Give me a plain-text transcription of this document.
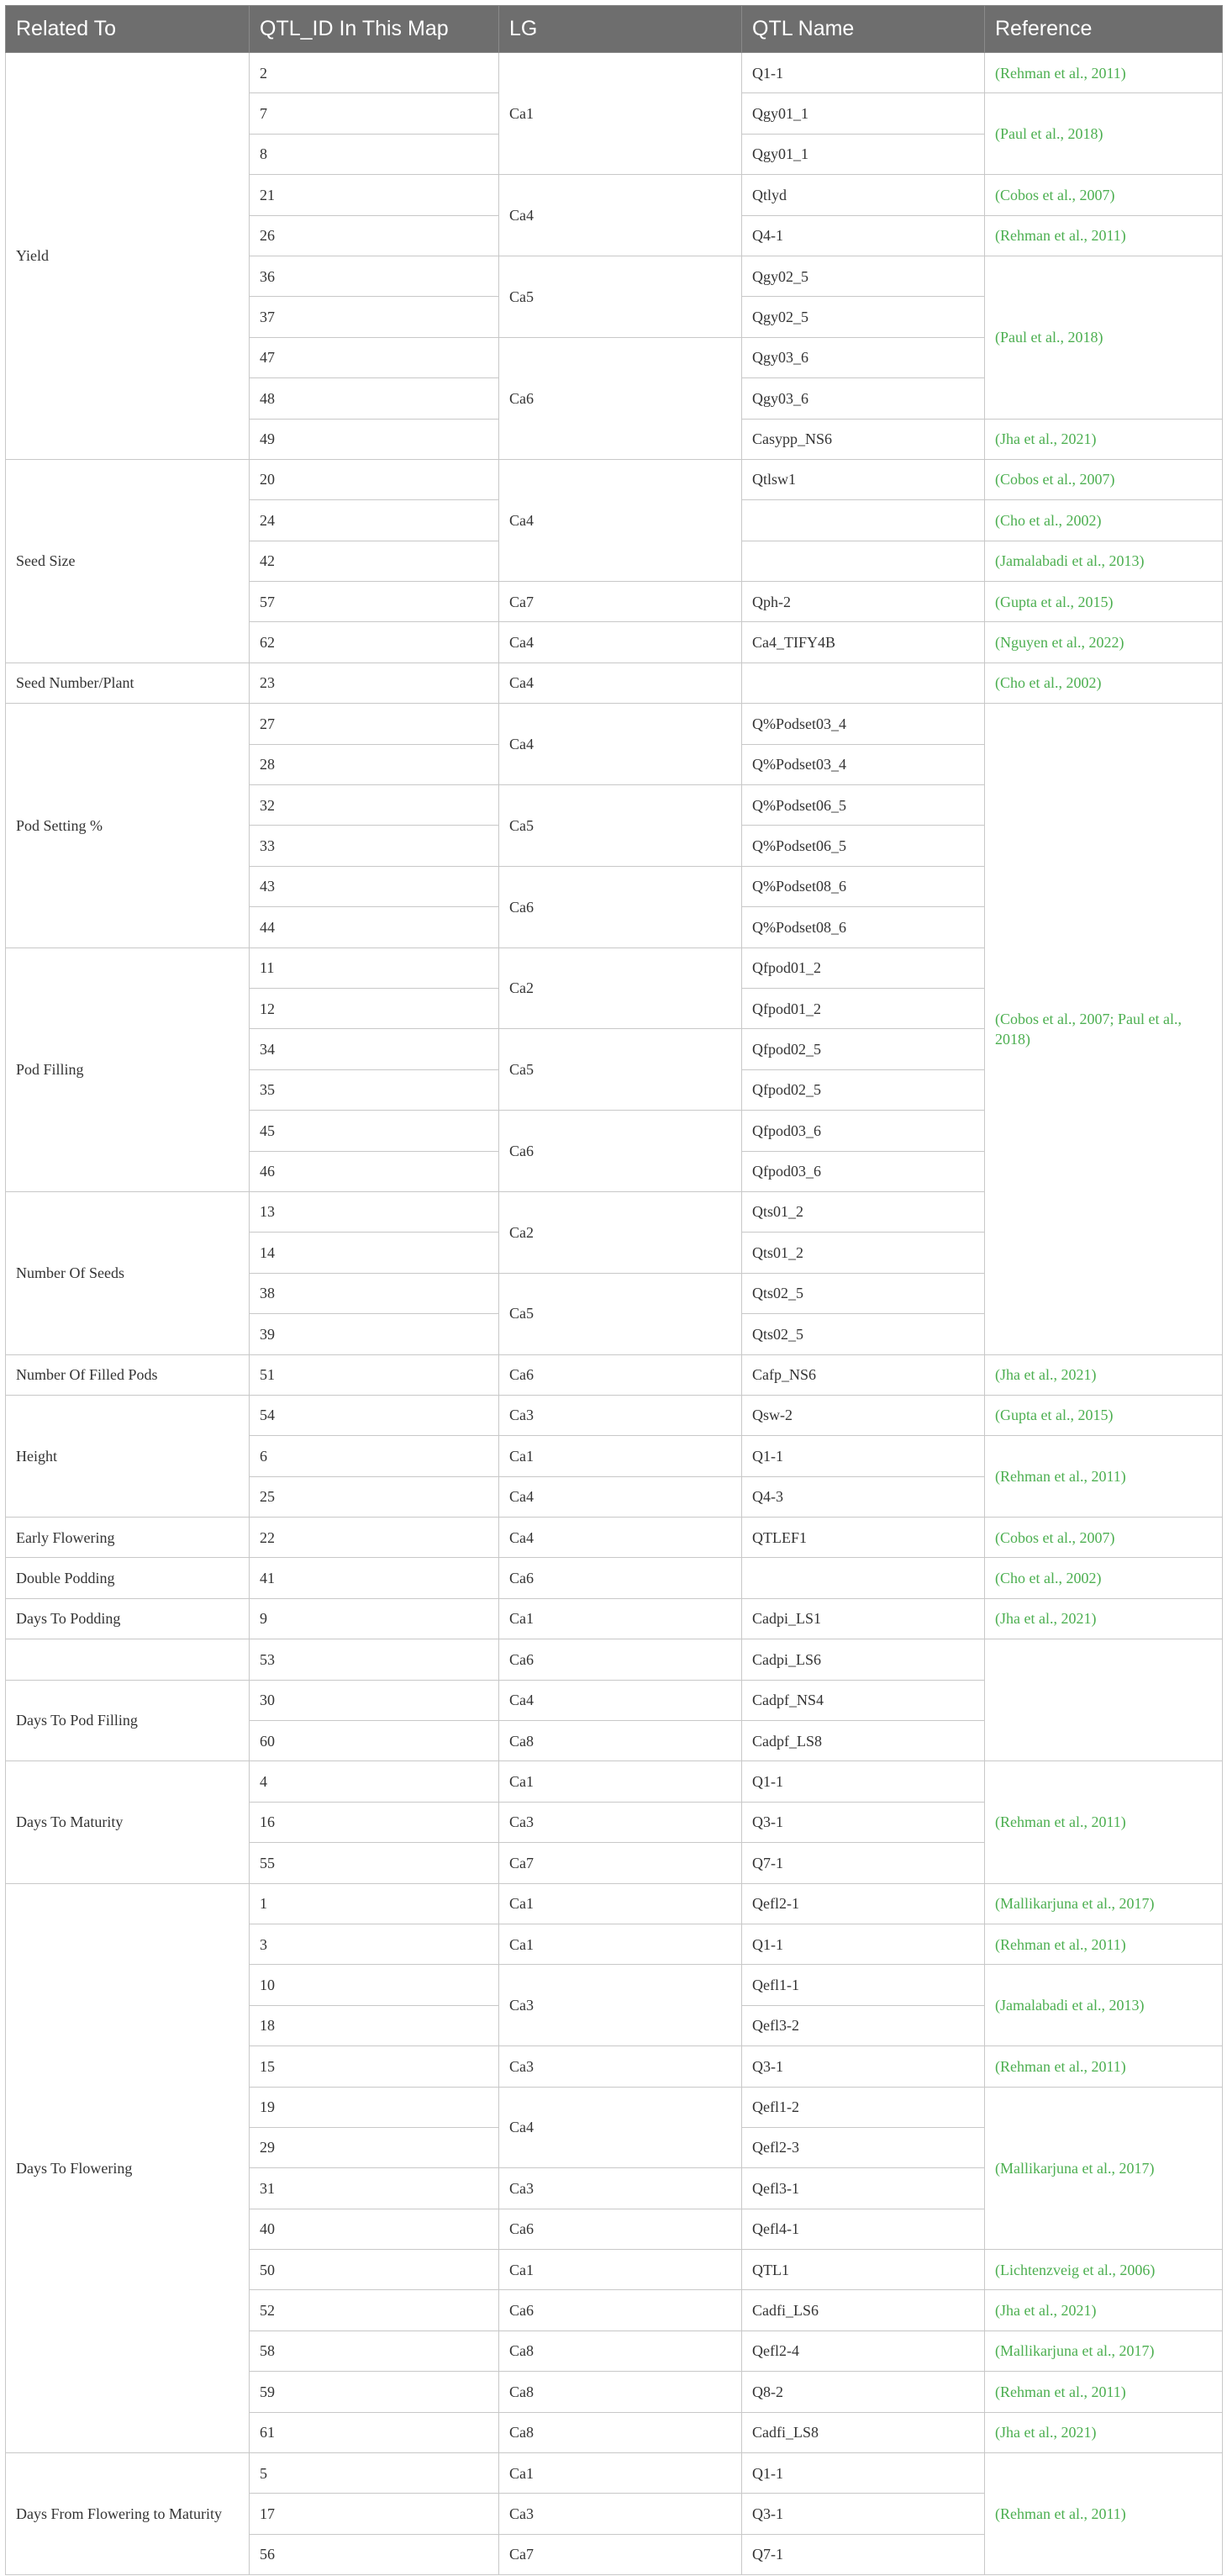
Related To	QTL_ID In This Map	LG	QTL Name	Reference
Yield	2	Ca1	Q1-1	(Rehman et al., 2011)
	7		Qgy01_1	(Paul et al., 2018)
	8		Qgy01_1	
	21	Ca4	Qtlyd	(Cobos et al., 2007)
	26		Q4-1	(Rehman et al., 2011)
	36	Ca5	Qgy02_5	(Paul et al., 2018)
	37		Qgy02_5	
	47	Ca6	Qgy03_6	
	48		Qgy03_6	
	49		Casypp_NS6	(Jha et al., 2021)
Seed Size	20	Ca4	Qtlsw1	(Cobos et al., 2007)
	24			(Cho et al., 2002)
	42			(Jamalabadi et al., 2013)
	57	Ca7	Qph-2	(Gupta et al., 2015)
	62	Ca4	Ca4_TIFY4B	(Nguyen et al., 2022)
Seed Number/Plant	23	Ca4		(Cho et al., 2002)
Pod Setting %	27	Ca4	Q%Podset03_4	(Cobos et al., 2007; Paul et al., 2018)
	28		Q%Podset03_4	
	32	Ca5	Q%Podset06_5	
	33		Q%Podset06_5	
	43	Ca6	Q%Podset08_6	
	44		Q%Podset08_6	
Pod Filling	11	Ca2	Qfpod01_2	
	12		Qfpod01_2	
	34	Ca5	Qfpod02_5	
	35		Qfpod02_5	
	45	Ca6	Qfpod03_6	
	46		Qfpod03_6	
Number Of Seeds	13	Ca2	Qts01_2	
	14		Qts01_2	
	38	Ca5	Qts02_5	
	39		Qts02_5	
Number Of Filled Pods	51	Ca6	Cafp_NS6	(Jha et al., 2021)
Height	54	Ca3	Qsw-2	(Gupta et al., 2015)
	6	Ca1	Q1-1	(Rehman et al., 2011)
	25	Ca4	Q4-3	
Early Flowering	22	Ca4	QTLEF1	(Cobos et al., 2007)
Double Podding	41	Ca6		(Cho et al., 2002)
Days To Podding	9	Ca1	Cadpi_LS1	(Jha et al., 2021)
	53	Ca6	Cadpi_LS6	
Days To Pod Filling	30	Ca4	Cadpf_NS4	
	60	Ca8	Cadpf_LS8	
Days To Maturity	4	Ca1	Q1-1	(Rehman et al., 2011)
	16	Ca3	Q3-1	
	55	Ca7	Q7-1	
Days To Flowering	1	Ca1	Qefl2-1	(Mallikarjuna et al., 2017)
	3	Ca1	Q1-1	(Rehman et al., 2011)
	10	Ca3	Qefl1-1	(Jamalabadi et al., 2013)
	18		Qefl3-2	
	15	Ca3	Q3-1	(Rehman et al., 2011)
	19	Ca4	Qefl1-2	(Mallikarjuna et al., 2017)
	29		Qefl2-3	
	31	Ca3	Qefl3-1	
	40	Ca6	Qefl4-1	
	50	Ca1	QTL1	(Lichtenzveig et al., 2006)
	52	Ca6	Cadfi_LS6	(Jha et al., 2021)
	58	Ca8	Qefl2-4	(Mallikarjuna et al., 2017)
	59	Ca8	Q8-2	(Rehman et al., 2011)
	61	Ca8	Cadfi_LS8	(Jha et al., 2021)
Days From Flowering to Maturity	5	Ca1	Q1-1	(Rehman et al., 2011)
	17	Ca3	Q3-1	
	56	Ca7	Q7-1	
